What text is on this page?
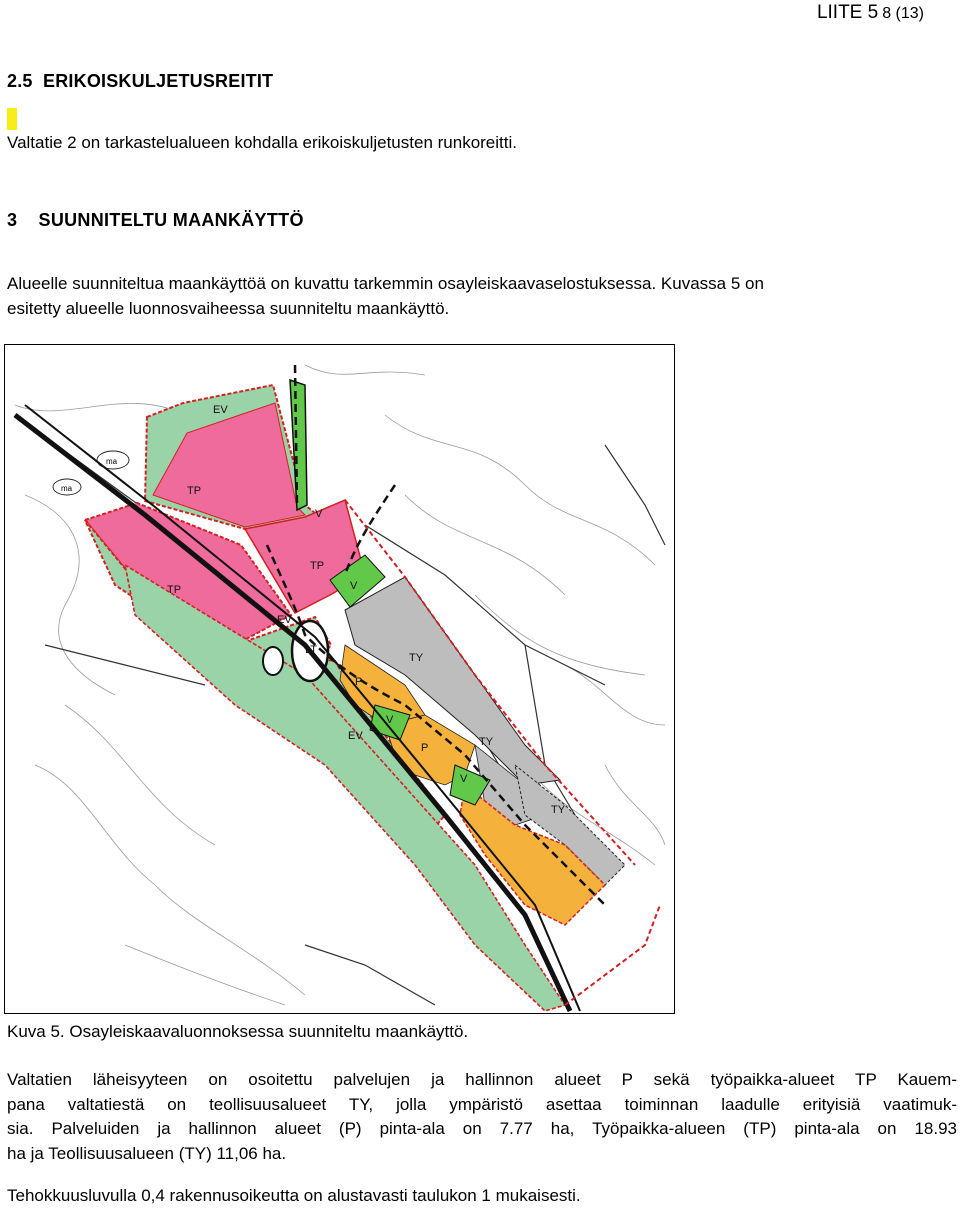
LIITE 5 8 (13)
2.5  ERIKOISKULJETUSREITIT
Valtatie 2 on tarkastelualueen kohdalla erikoiskuljetusten runkoreitti.
3    SUUNNITELTU MAANKÄYTTÖ
Alueelle suunniteltua maankäyttöä on kuvattu tarkemmin osayleiskaavaselostuksessa. Kuvassa 5 on
esitetty alueelle luonnosvaiheessa suunniteltu maankäyttö.
ma
ma	TP
TP
TP
EV
EV
EV
TY
TY
TY
P
P
LT
V
V
V
V
Kuva 5. Osayleiskaavaluonnoksessa suunniteltu maankäyttö.
Valtatien läheisyyteen on osoitettu palvelujen ja hallinnon alueet P sekä työpaikka-alueet TP Kauem-
pana valtatiestä on teollisuusalueet TY, jolla ympäristö asettaa toiminnan laadulle erityisiä vaatimuk-
sia. Palveluiden ja hallinnon alueet (P) pinta-ala on 7.77 ha, Työpaikka-alueen (TP) pinta-ala on 18.93
ha ja Teollisuusalueen (TY) 11,06 ha.
Tehokkuusluvulla 0,4 rakennusoikeutta on alustavasti taulukon 1 mukaisesti.
